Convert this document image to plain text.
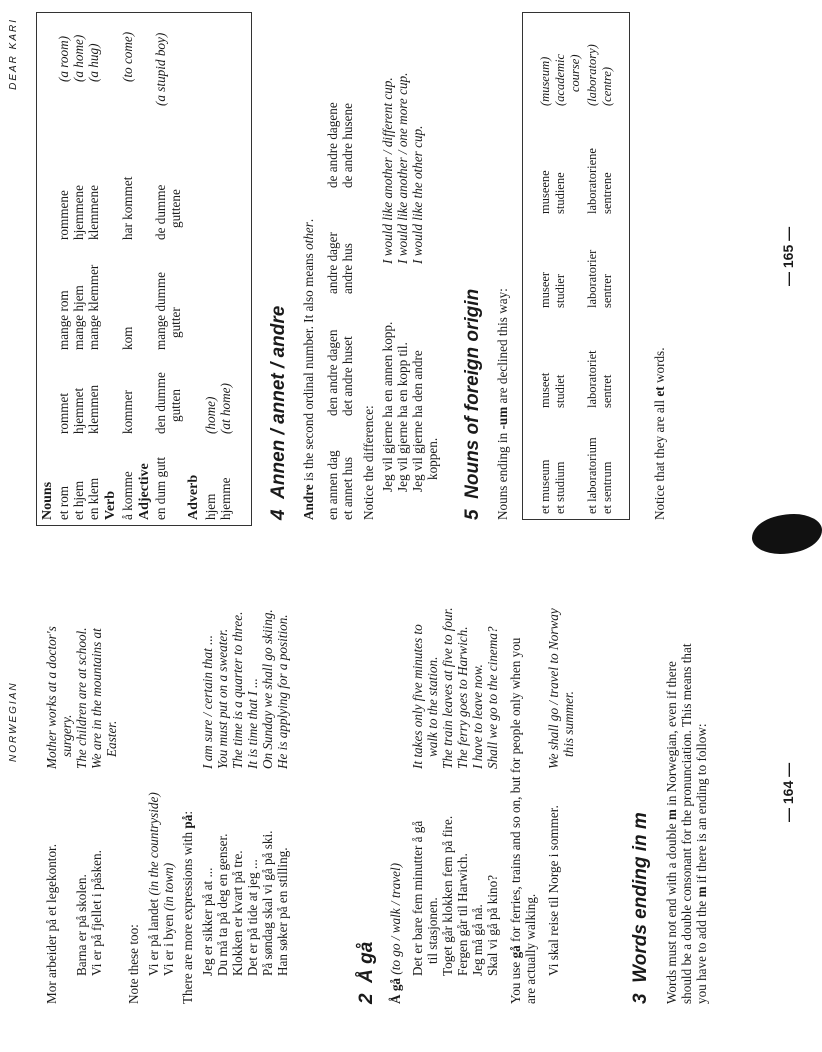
NORWEGIAN
Mor arbeider på et legekontor.
Mother works at a doctor's surgery.
Barna er på skolen.
The children are at school.
Vi er på fjellet i påsken.
We are in the mountains at Easter.
Note these too: Vi er på landet (in the countryside)
Vi er i byen (in town) There are more expressions with på:
Jeg er sikker på at ...
I am sure / certain that ...
Du må ta på deg en genser.
You must put on a sweater.
Klokken er kvart på tre.
The time is a quarter to three.
Det er på tide at jeg ...
It is time that I ...
På søndag skal vi gå på ski.
On Sunday we shall go skiing.
Han søker på en stilling.
He is applying for a position.
2  Å gå
Å gå (to go / walk / travel) Det er bare fem minutter å gå
It takes only five minutes to
til stasjonen.
walk to the station.
Toget går klokken fem på fire.
The train leaves at five to four.
Fergen går til Harwich.
The ferry goes to Harwich.
Jeg må gå nå.
I have to leave now.
Skal vi gå på kino?
Shall we go to the cinema?
You use gå for ferries, trains and so on, but for people only when you
are actually walking. Vi skal reise til Norge i sommer.
We shall go / travel to Norway this summer.
3  Words ending in m Words must not end with a double m in Norwegian, even if there should be a double consonant for the pronunciation. This means that you have to add the m if there is an ending to follow:	— 164 —
DEAR KARI
Nouns et rom
rommet
mange rom
rommene
(a room)
et hjem
hjemmet
mange hjem
hjemmene
(a home)
en klem
klemmen
mange klemmer
klemmene
(a hug)
Verb å komme
kommer
kom
har kommet
(to come)
Adjective en dum gutt
den dumme
mange dumme
de dumme
(a stupid boy)
gutten
gutter
guttene
Adverb hjem
(home)
hjemme
(at home)
4  Annen / annet / andre
Andre is the second ordinal number. It also means other.
en annen dag
den andre dagen
andre dager
de andre dagene
et annet hus
det andre huset
andre hus
de andre husene
Notice the difference: Jeg vil gjerne ha en annen kopp.
I would like another / different cup.
Jeg vil gjerne ha en kopp til.
I would like another / one more cup.
Jeg vil gjerne ha den andre
I would like the other cup.
koppen.
5  Nouns of foreign origin Nouns ending in -um are declined this way:
et museum
museet
museer
museene
(museum)
et studium
studiet
studier
studiene
(academic course)
et laboratorium
laboratoriet
laboratorier
laboratoriene
(laboratory)
et sentrum
sentret
sentrer
sentrene
(centre)
Notice that they are all et words.
— 165 —
